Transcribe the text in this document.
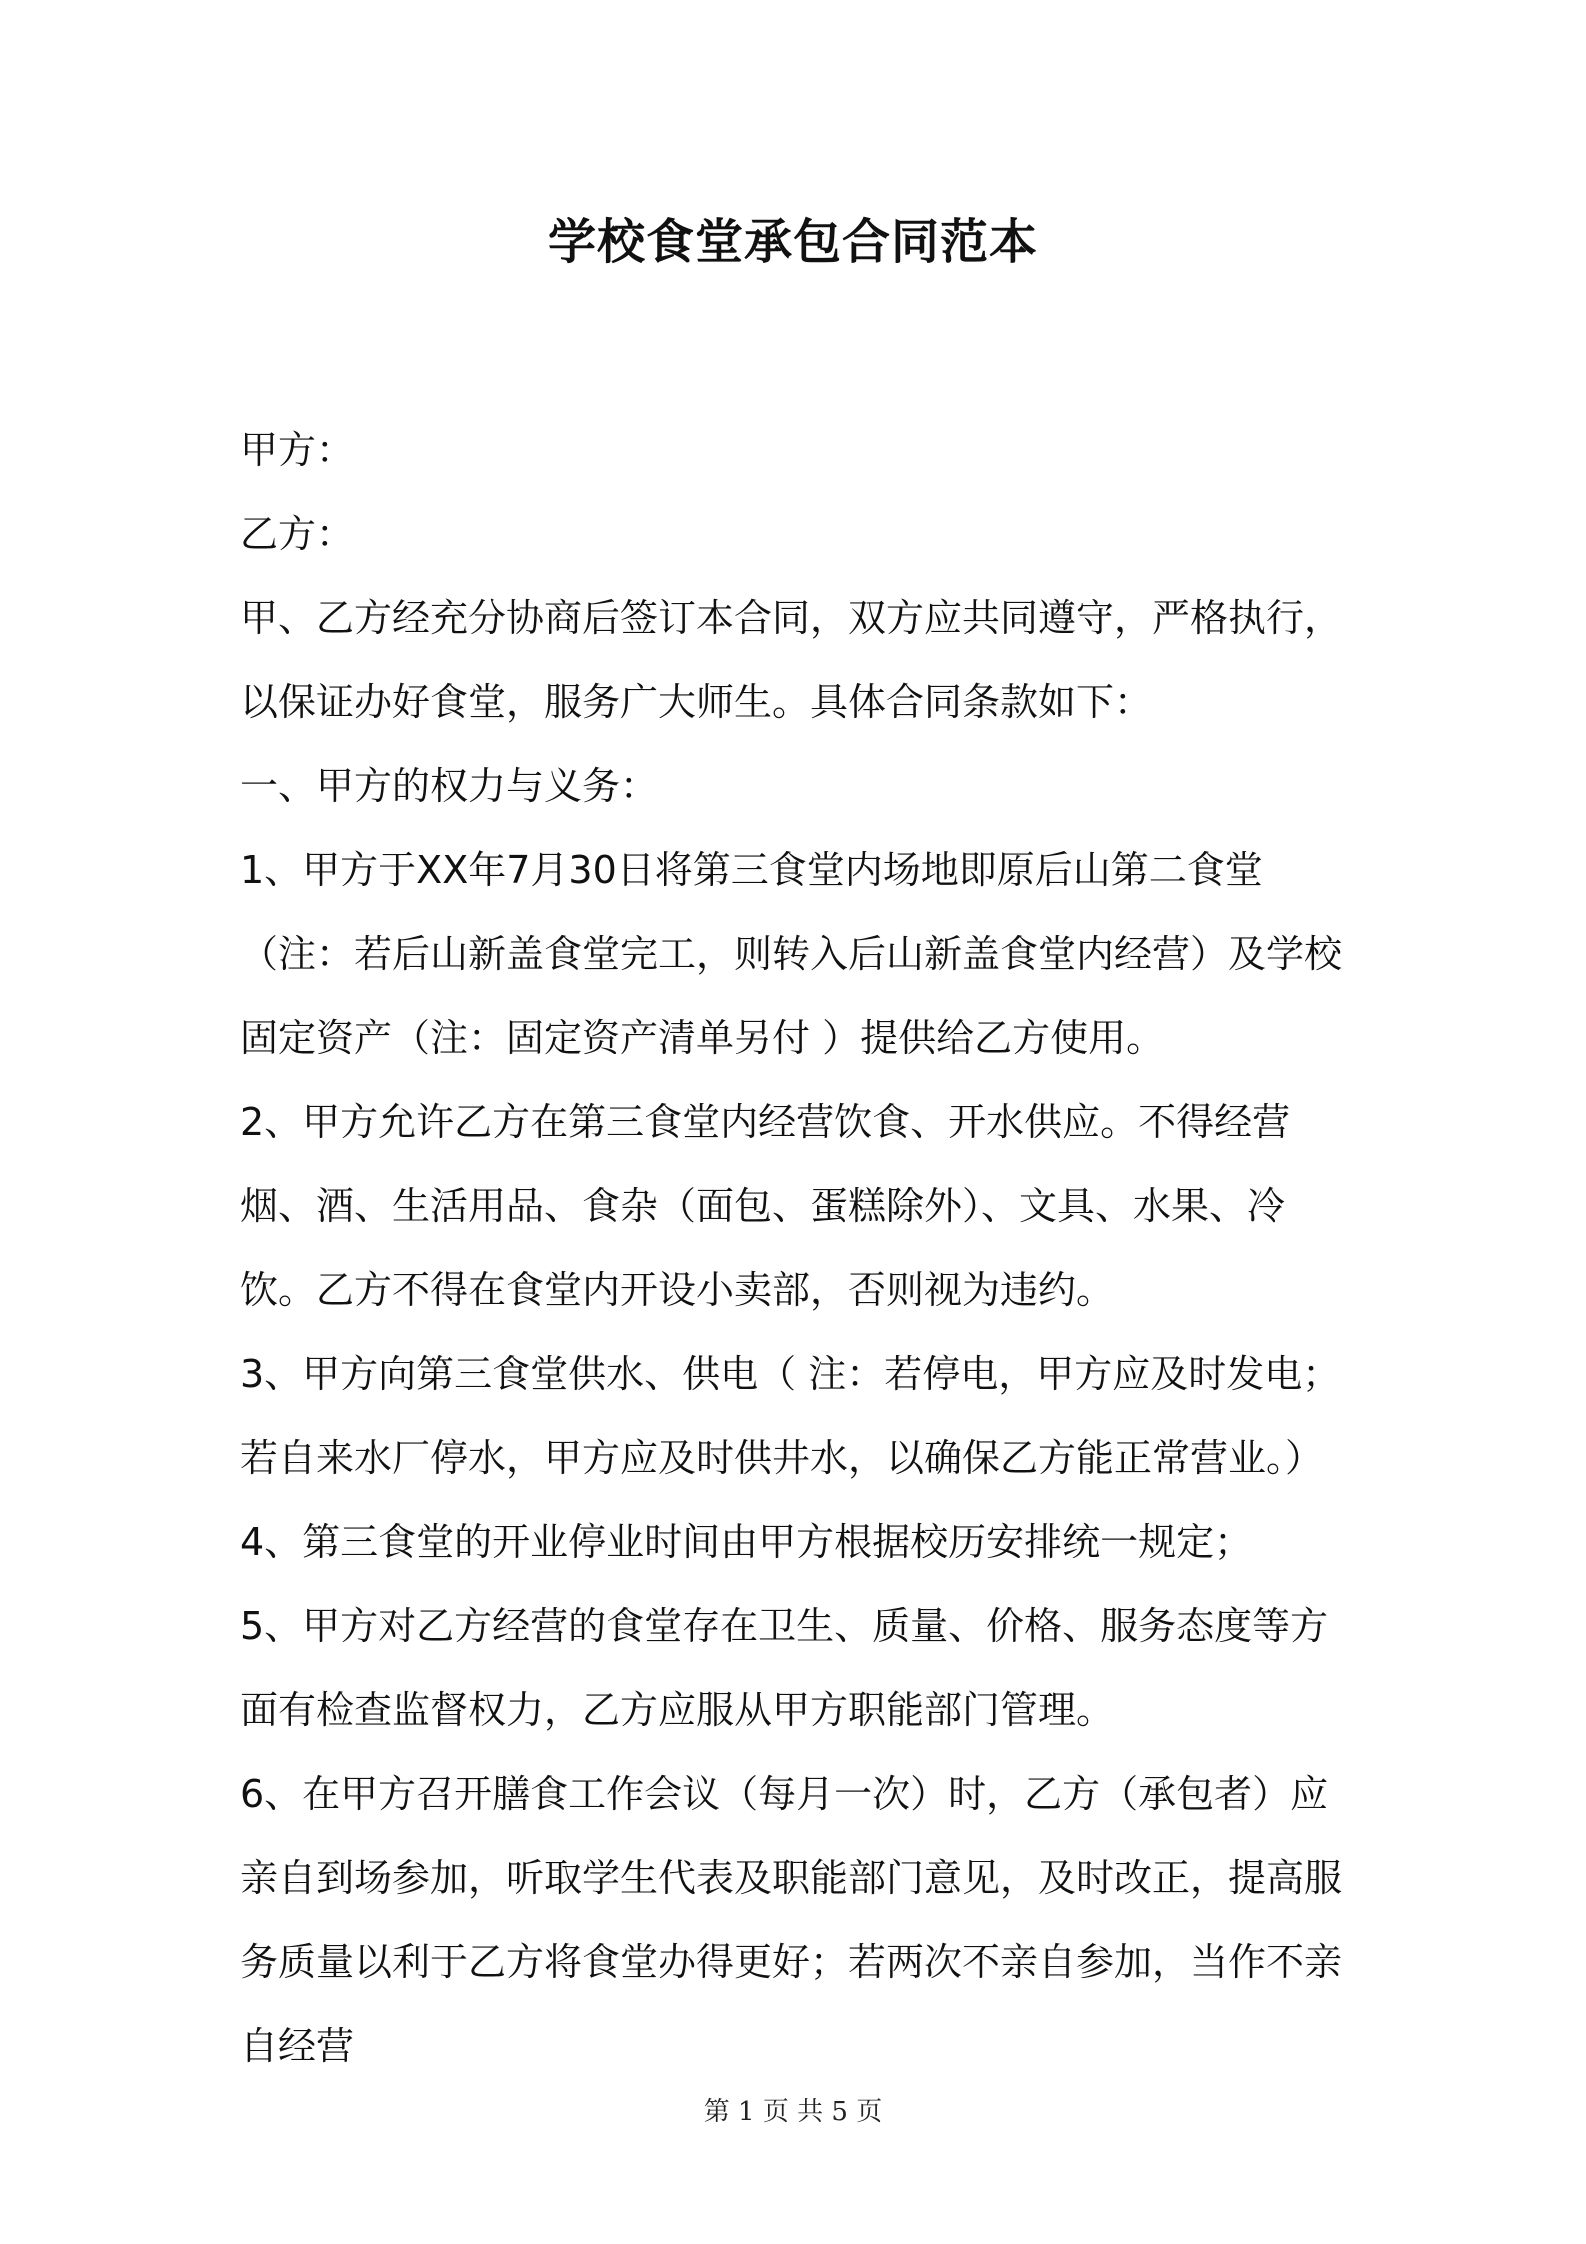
学校食堂承包合同范本

甲方：

乙方：

甲、乙方经充分协商后签订本合同，双方应共同遵守，严格执行，以保证办好食堂，服务广大师生。具体合同条款如下：

一、甲方的权力与义务：

1、甲方于XX年7月30日将第三食堂内场地即原后山第二食堂（注：若后山新盖食堂完工，则转入后山新盖食堂内经营）及学校固定资产（注：固定资产清单另付 ）提供给乙方使用。

2、甲方允许乙方在第三食堂内经营饮食、开水供应。不得经营烟、酒、生活用品、食杂（面包、蛋糕除外）、文具、水果、冷饮。乙方不得在食堂内开设小卖部，否则视为违约。

3、甲方向第三食堂供水、供电（ 注：若停电，甲方应及时发电；若自来水厂停水，甲方应及时供井水，以确保乙方能正常营业。）

4、第三食堂的开业停业时间由甲方根据校历安排统一规定；

5、甲方对乙方经营的食堂存在卫生、质量、价格、服务态度等方面有检查监督权力，乙方应服从甲方职能部门管理。

6、在甲方召开膳食工作会议（每月一次）时，乙方（承包者）应亲自到场参加，听取学生代表及职能部门意见，及时改正，提高服务质量以利于乙方将食堂办得更好；若两次不亲自参加，当作不亲自经营

第 1 页 共 5 页
